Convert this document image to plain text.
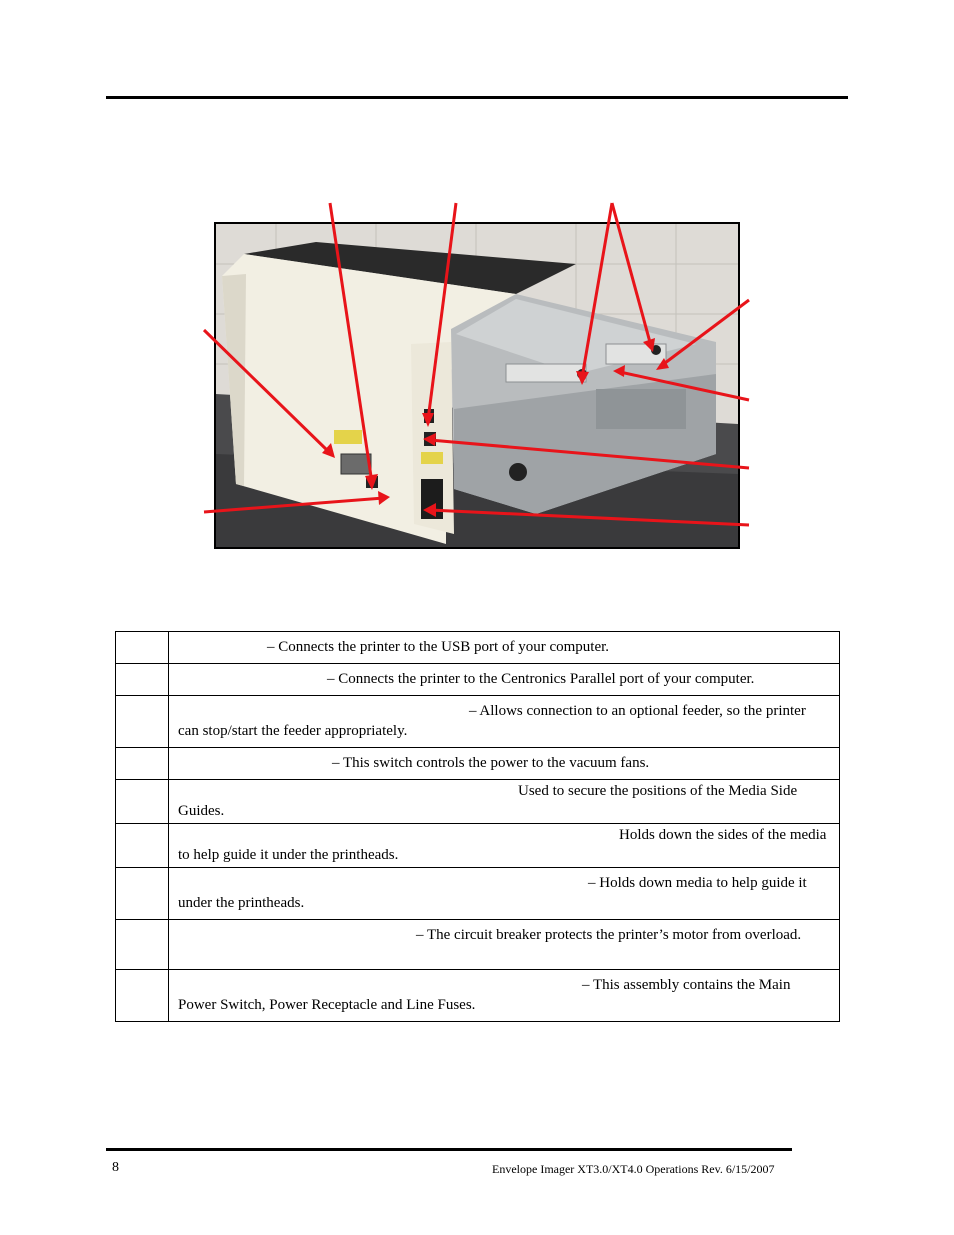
	– Connects the printer to the USB port of your computer.
	– Connects the printer to the Centronics Parallel port of your computer.
	– Allows connection to an optional feeder, so the printer can stop/start the feeder appropriately.
	– This switch controls the power to the vacuum fans.
	Used to secure the positions of the Media Side Guides.
	Holds down the sides of the media to help guide it under the printheads.
	– Holds down media to help guide it under the printheads.
	– The circuit breaker protects the printer’s motor from overload.
	– This assembly contains the Main Power Switch, Power Receptacle and Line Fuses.
8	Envelope Imager XT3.0/XT4.0 Operations Rev. 6/15/2007
